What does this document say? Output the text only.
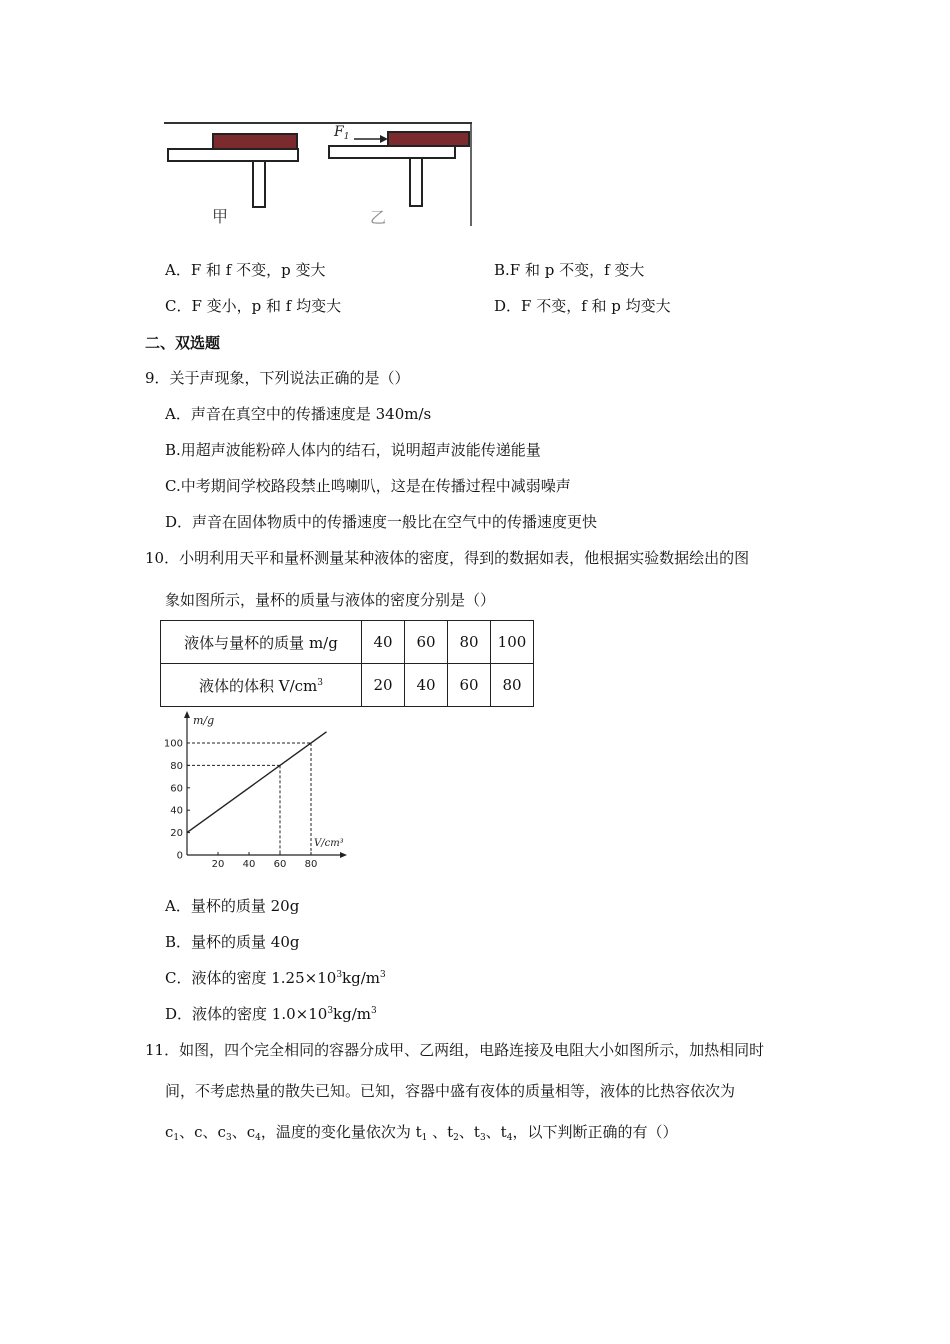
甲
$F_1$
乙
A．F 和 f 不变，p 变大	B.F 和 p 不变，f 变大
C．F 变小，p 和 f 均变大	D．F 不变，f 和 p 均变大
二、双选题
9．关于声现象，下列说法正确的是（）
A．声音在真空中的传播速度是 340m/s
B.用超声波能粉碎人体内的结石，说明超声波能传递能量
C.中考期间学校路段禁止鸣喇叭，这是在传播过程中减弱噪声
D．声音在固体物质中的传播速度一般比在空气中的传播速度更快
10．小明利用天平和量杯测量某种液体的密度，得到的数据如表，他根据实验数据绘出的图
象如图所示，量杯的质量与液体的密度分别是（）
液体与量杯的质量 m/g	40	60	80	100
液体的体积 $V/cm^3$	20	40	60	80
100
80
60
40
20
0
20 40 60 80
m/g
V/cm³
A．量杯的质量 20g
B．量杯的质量 40g
C．液体的密度 $1.25\times 10^3kg/m^3$
D．液体的密度 $1.0\times 10^3kg/m^3$
11．如图，四个完全相同的容器分成甲、乙两组，电路连接及电阻大小如图所示，加热相同时
间，不考虑热量的散失已知。已知，容器中盛有夜体的质量相等，液体的比热容依次为
$c_1$、c、$c_3$、$c_4$，温度的变化量依次为 $t_1$ 、$t_2$、$t_3$、$t_4$，以下判断正确的有（）
